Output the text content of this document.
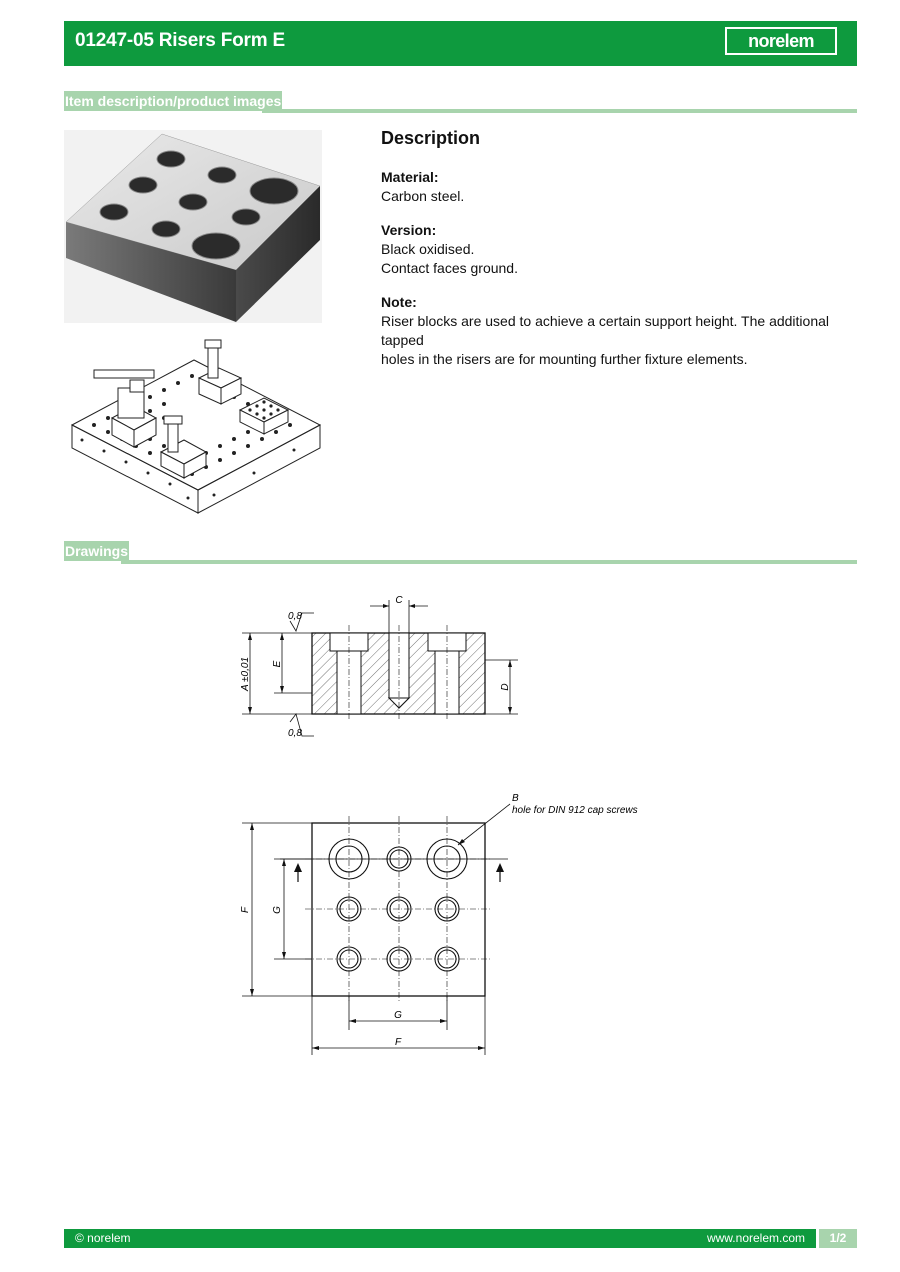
01247-05 Risers Form E	norelem
Item description/product images
Description

Material:

Carbon steel.

Version:

Black oxidised.

Contact faces ground.

Note:

Riser blocks are used to achieve a certain support height. The additional tapped

holes in the risers are for mounting further fixture elements.

Drawings
C
0,8
0,8
A ±0,01 E
D
B
hole for DIN 912 cap screws
F G
G
F
© norelem	www.norelem.com	1/2
